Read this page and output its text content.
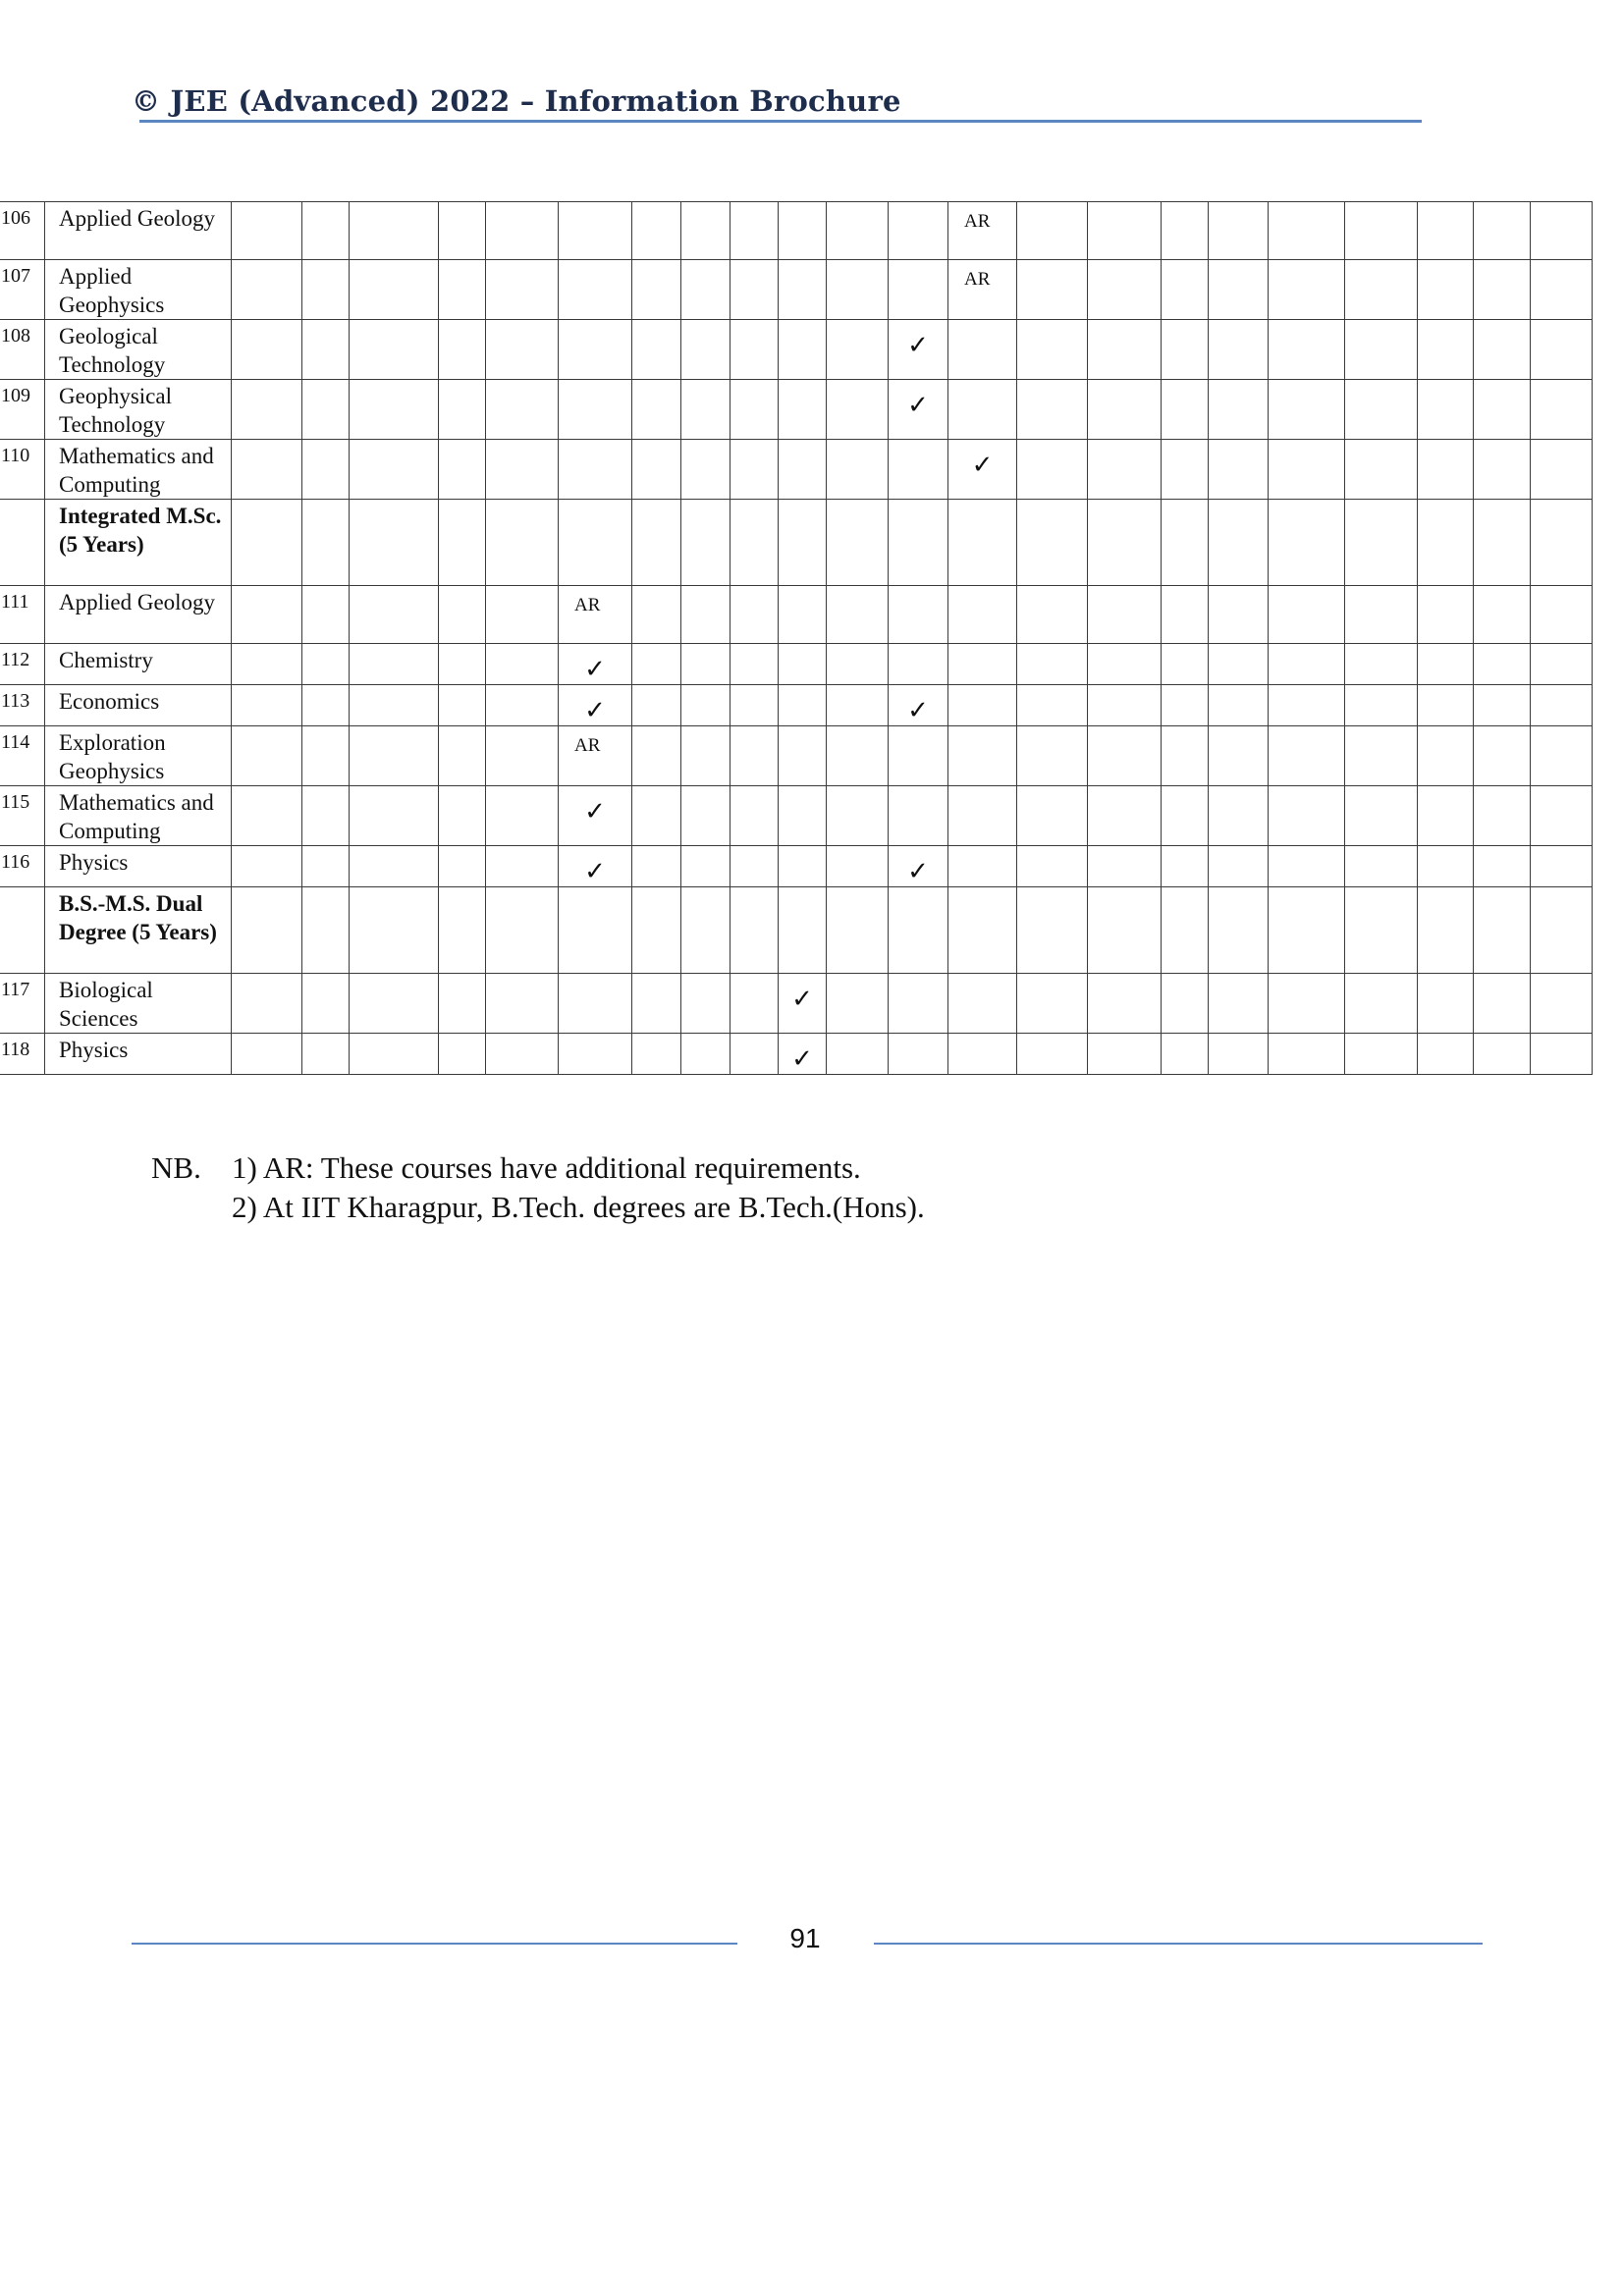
© JEE (Advanced) 2022 – Information Brochure
106	Applied Geology													AR									

107	Applied Geophysics													AR									

108	Geological Technology												✓										

109	Geophysical Technology												✓										

110	Mathematics and Computing													✓									

	Integrated M.Sc. (5 Years)																						
111	Applied Geology						AR																

112	Chemistry						✓																

113	Economics						✓						✓										

114	Exploration Geophysics						AR																

115	Mathematics and Computing						✓																

116	Physics						✓						✓										

	B.S.-M.S. Dual Degree (5 Years)																						
117	Biological Sciences										✓												

118	Physics										✓												

NB. 1) AR: These courses have additional requirements.
2) At IIT Kharagpur, B.Tech. degrees are B.Tech.(Hons).
91
